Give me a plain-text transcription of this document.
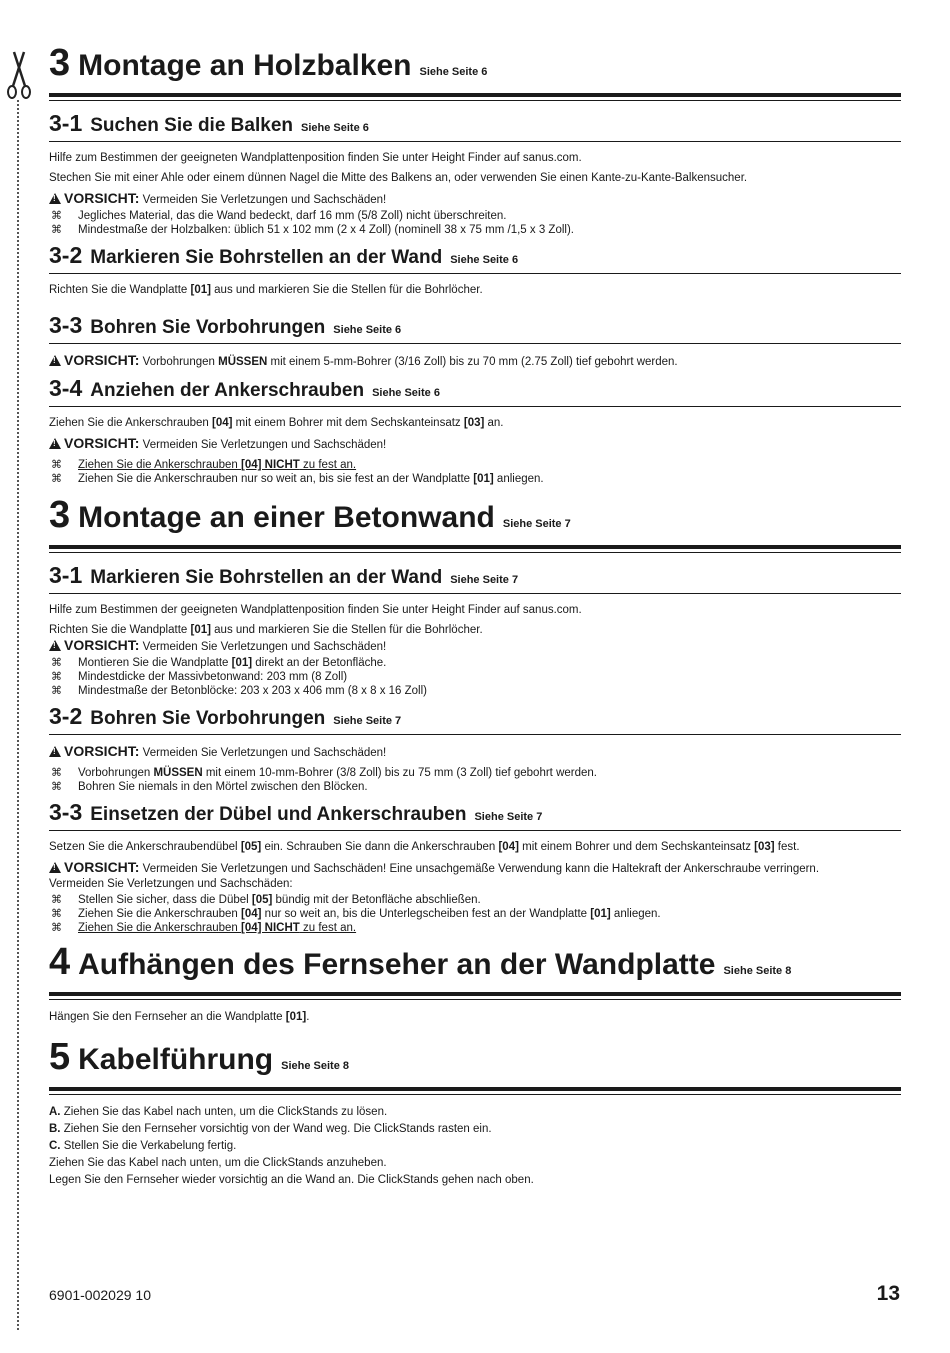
3 Montage an Holzbalken Siehe Seite 6
3-1 Suchen Sie die Balken Siehe Seite 6

Hilfe zum Bestimmen der geeigneten Wandplattenposition finden Sie unter Height Finder auf sanus.com.

Stechen Sie mit einer Ahle oder einem dünnen Nagel die Mitte des Balkens an, oder verwenden Sie einen Kante-zu-Kante-Balkensucher.

!VORSICHT: Vermeiden Sie Verletzungen und Sachschäden!
⌘ Jegliches Material, das die Wand bedeckt, darf 16 mm (5/8 Zoll) nicht überschreiten.
⌘ Mindestmaße der Holzbalken: üblich 51 x 102 mm (2 x 4 Zoll) (nominell 38 x 75 mm /1,5 x 3 Zoll).
3-2 Markieren Sie Bohrstellen an der Wand Siehe Seite 6

Richten Sie die Wandplatte [01] aus und markieren Sie die Stellen für die Bohrlöcher.

3-3 Bohren Sie Vorbohrungen Siehe Seite 6
!VORSICHT: Vorbohrungen MÜSSEN mit einem 5-mm-Bohrer (3/16 Zoll) bis zu 70 mm (2.75 Zoll) tief gebohrt werden.
3-4 Anziehen der Ankerschrauben Siehe Seite 6

Ziehen Sie die Ankerschrauben [04] mit einem Bohrer mit dem Sechskanteinsatz [03] an.

!VORSICHT: Vermeiden Sie Verletzungen und Sachschäden!
⌘ Ziehen Sie die Ankerschrauben [04] NICHT zu fest an.
⌘ Ziehen Sie die Ankerschrauben nur so weit an, bis sie fest an der Wandplatte [01] anliegen.
3 Montage an einer Betonwand Siehe Seite 7
3-1 Markieren Sie Bohrstellen an der Wand Siehe Seite 7

Hilfe zum Bestimmen der geeigneten Wandplattenposition finden Sie unter Height Finder auf sanus.com.

Richten Sie die Wandplatte [01] aus und markieren Sie die Stellen für die Bohrlöcher.

!VORSICHT: Vermeiden Sie Verletzungen und Sachschäden!
⌘ Montieren Sie die Wandplatte [01] direkt an der Betonfläche.
⌘ Mindestdicke der Massivbetonwand: 203 mm (8 Zoll)
⌘ Mindestmaße der Betonblöcke: 203 x 203 x 406 mm (8 x 8 x 16 Zoll)
3-2 Bohren Sie Vorbohrungen Siehe Seite 7
!VORSICHT: Vermeiden Sie Verletzungen und Sachschäden!
⌘ Vorbohrungen MÜSSEN mit einem 10-mm-Bohrer (3/8 Zoll) bis zu 75 mm (3 Zoll) tief gebohrt werden.
⌘ Bohren Sie niemals in den Mörtel zwischen den Blöcken.
3-3 Einsetzen der Dübel und Ankerschrauben Siehe Seite 7

Setzen Sie die Ankerschraubendübel [05] ein. Schrauben Sie dann die Ankerschrauben [04] mit einem Bohrer und dem Sechskanteinsatz [03] fest.

!VORSICHT: Vermeiden Sie Verletzungen und Sachschäden! Eine unsachgemäße Verwendung kann die Haltekraft der Ankerschraube verringern.
Vermeiden Sie Verletzungen und Sachschäden:
⌘ Stellen Sie sicher, dass die Dübel [05] bündig mit der Betonfläche abschließen.
⌘ Ziehen Sie die Ankerschrauben [04] nur so weit an, bis die Unterlegscheiben fest an der Wandplatte [01] anliegen.
⌘ Ziehen Sie die Ankerschrauben [04] NICHT zu fest an.
4 Aufhängen des Fernseher an der Wandplatte Siehe Seite 8

Hängen Sie den Fernseher an die Wandplatte [01].

5 Kabelführung Siehe Seite 8

A. Ziehen Sie das Kabel nach unten, um die ClickStands zu lösen.

B. Ziehen Sie den Fernseher vorsichtig von der Wand weg. Die ClickStands rasten ein.

C. Stellen Sie die Verkabelung fertig.

Ziehen Sie das Kabel nach unten, um die ClickStands anzuheben.

Legen Sie den Fernseher wieder vorsichtig an die Wand an. Die ClickStands gehen nach oben.

6901-002029 10	13
